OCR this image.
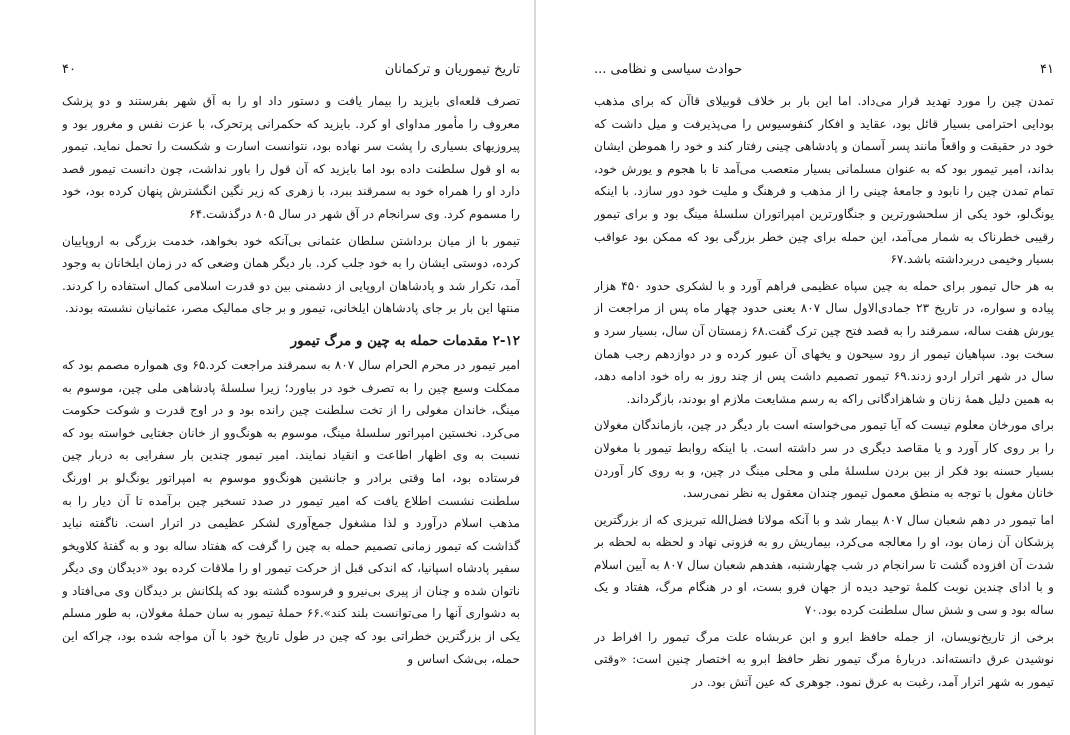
تاریخ تیموریان و ترکمانان
۴۰

تصرف قلعه‌ای بایزید را بیمار یافت و دستور داد او را به آق شهر بفرستند و دو پزشک معروف را مأمور مداوای او کرد. بایزید که حکمرانی پرتحرک، با عزت نفس و مغرور بود و پیروزیهای بسیاری را پشت سر نهاده بود، نتوانست اسارت و شکست را تحمل نماید. تیمور به او قول سلطنت داده بود اما بایزید که آن قول را باور نداشت، چون دانست تیمور قصد دارد او را همراه خود به سمرقند ببرد، با زهری که زیر نگین انگشترش پنهان کرده بود، خود را مسموم کرد. وی سرانجام در آق شهر در سال ۸۰۵ درگذشت.۶۴

تیمور با از میان برداشتن سلطان عثمانی بی‌آنکه خود بخواهد، خدمت بزرگی به اروپاییان کرده، دوستی ایشان را به خود جلب کرد. بار دیگر همان وضعی که در زمان ایلخانان به وجود آمد، تکرار شد و پادشاهان اروپایی از دشمنی بین دو قدرت اسلامی کمال استفاده را کردند. منتها این بار بر جای پادشاهان ایلخانی، تیمور و بر جای ممالیک مصر، عثمانیان نشسته بودند.

۲-۱۲ مقدمات حمله به چین و مرگ تیمور

امیر تیمور در محرم الحرام سال ۸۰۷ به سمرقند مراجعت کرد.۶۵ وی همواره مصمم بود که ممکلت وسیع چین را به تصرف خود در بیاورد؛ زیرا سلسلهٔ پادشاهی ملی چین، موسوم به مینگ، خاندان مغولی را از تخت سلطنت چین رانده بود و در اوج قدرت و شوکت حکومت می‌کرد. نخستین امپراتور سلسلهٔ مینگ، موسوم به هونگ‌وو از خانان جغتایی خواسته بود که نسبت به وی اظهار اطاعت و انقیاد نمایند. امیر تیمور چندین بار سفرایی به دربار چین فرستاده بود، اما وقتی برادر و جانشین هونگ‌وو موسوم به امپراتور یونگ‌لو بر اورنگ سلطنت نشست اطلاع یافت که امیر تیمور در صدد تسخیر چین برآمده تا آن دیار را به مذهب اسلام درآورد و لذا مشغول جمع‌آوری لشکر عظیمی در اترار است. ناگفته نباید گذاشت که تیمور زمانی تصمیم حمله به چین را گرفت که هفتاد ساله بود و به گفتهٔ کلاویخو سفیر پادشاه اسپانیا، که اندکی قبل از حرکت تیمور او را ملاقات کرده بود «دیدگان وی دیگر ناتوان شده و چنان از پیری بی‌نیرو و فرسوده گشته بود که پلکانش بر دیدگان وی می‌افتاد و به دشواری آنها را می‌توانست بلند کند».۶۶ حملهٔ تیمور به سان حملهٔ مغولان، به طور مسلم یکی از بزرگترین خطراتی بود که چین در طول تاریخ خود با آن مواجه شده بود، چراکه این حمله، بی‌شک اساس و

۴۱
حوادث سیاسی و نظامی ...

تمدن چین را مورد تهدید قرار می‌داد. اما این بار بر خلاف قوبیلای قاآن که برای مذهب بودایی احترامی بسیار قائل بود، عقاید و افکار کنفوسیوس را می‌پذیرفت و میل داشت که خود در حقیقت و واقعاً مانند پسر آسمان و پادشاهی چینی رفتار کند و خود را هموطن ایشان بداند، امیر تیمور بود که به عنوان مسلمانی بسیار متعصب می‌آمد تا با هجوم و یورش خود، تمام تمدن چین را نابود و جامعهٔ چینی را از مذهب و فرهنگ و ملیت خود دور سازد. با اینکه یونگ‌لو، خود یکی از سلحشورترین و جنگاورترین امپراتوران سلسلهٔ مینگ بود و برای تیمور رقیبی خطرناک به شمار می‌آمد، این حمله برای چین خطر بزرگی بود که ممکن بود عواقب بسیار وخیمی دربرداشته باشد.۶۷

به هر حال تیمور برای حمله به چین سپاه عظیمی فراهم آورد و با لشکری حدود ۴۵۰ هزار پیاده و سواره، در تاریخ ۲۳ جمادی‌الاول سال ۸۰۷ یعنی حدود چهار ماه پس از مراجعت از یورش هفت ساله، سمرقند را به قصد فتح چین ترک گفت.۶۸ زمستان آن سال، بسیار سرد و سخت بود. سپاهیان تیمور از رود سیحون و یخهای آن عبور کرده و در دوازدهم رجب همان سال در شهر اترار اردو زدند.۶۹ تیمور تصمیم داشت پس از چند روز به راه خود ادامه دهد، به همین دلیل همهٔ زنان و شاهزادگانی راکه به رسم مشایعت ملازم او بودند، بازگرداند.

برای مورخان معلوم نیست که آیا تیمور می‌خواسته است بار دیگر در چین، بازماندگان مغولان را بر روی کار آورد و یا مقاصد دیگری در سر داشته است. با اینکه روابط تیمور با مغولان بسیار حسنه بود فکر از بین بردن سلسلهٔ ملی و محلی مینگ در چین، و به روی کار آوردن خانان مغول با توجه به منطق معمول تیمور چندان معقول به نظر نمی‌رسد.

اما تیمور در دهم شعبان سال ۸۰۷ بیمار شد و با آنکه مولانا فضل‌الله تبریزی که از بزرگترین پزشکان آن زمان بود، او را معالجه می‌کرد، بیماریش رو به فزونی نهاد و لحظه به لحظه بر شدت آن افزوده گشت تا سرانجام در شب چهارشنبه، هفدهم شعبان سال ۸۰۷ به آیین اسلام و با ادای چندین نوبت کلمهٔ توحید دیده از جهان فرو بست، او در هنگام مرگ، هفتاد و یک ساله بود و سی و شش سال سلطنت کرده بود.۷۰

برخی از تاریخ‌نویسان، از جمله حافظ ابرو و ابن عربشاه علت مرگ تیمور را افراط در نوشیدن عرق دانسته‌اند. دربارهٔ مرگ تیمور نظر حافظ ابرو به اختصار چنین است: «وقتی تیمور به شهر اترار آمد، رغبت به عرق نمود. جوهری که عین آتش بود. در
